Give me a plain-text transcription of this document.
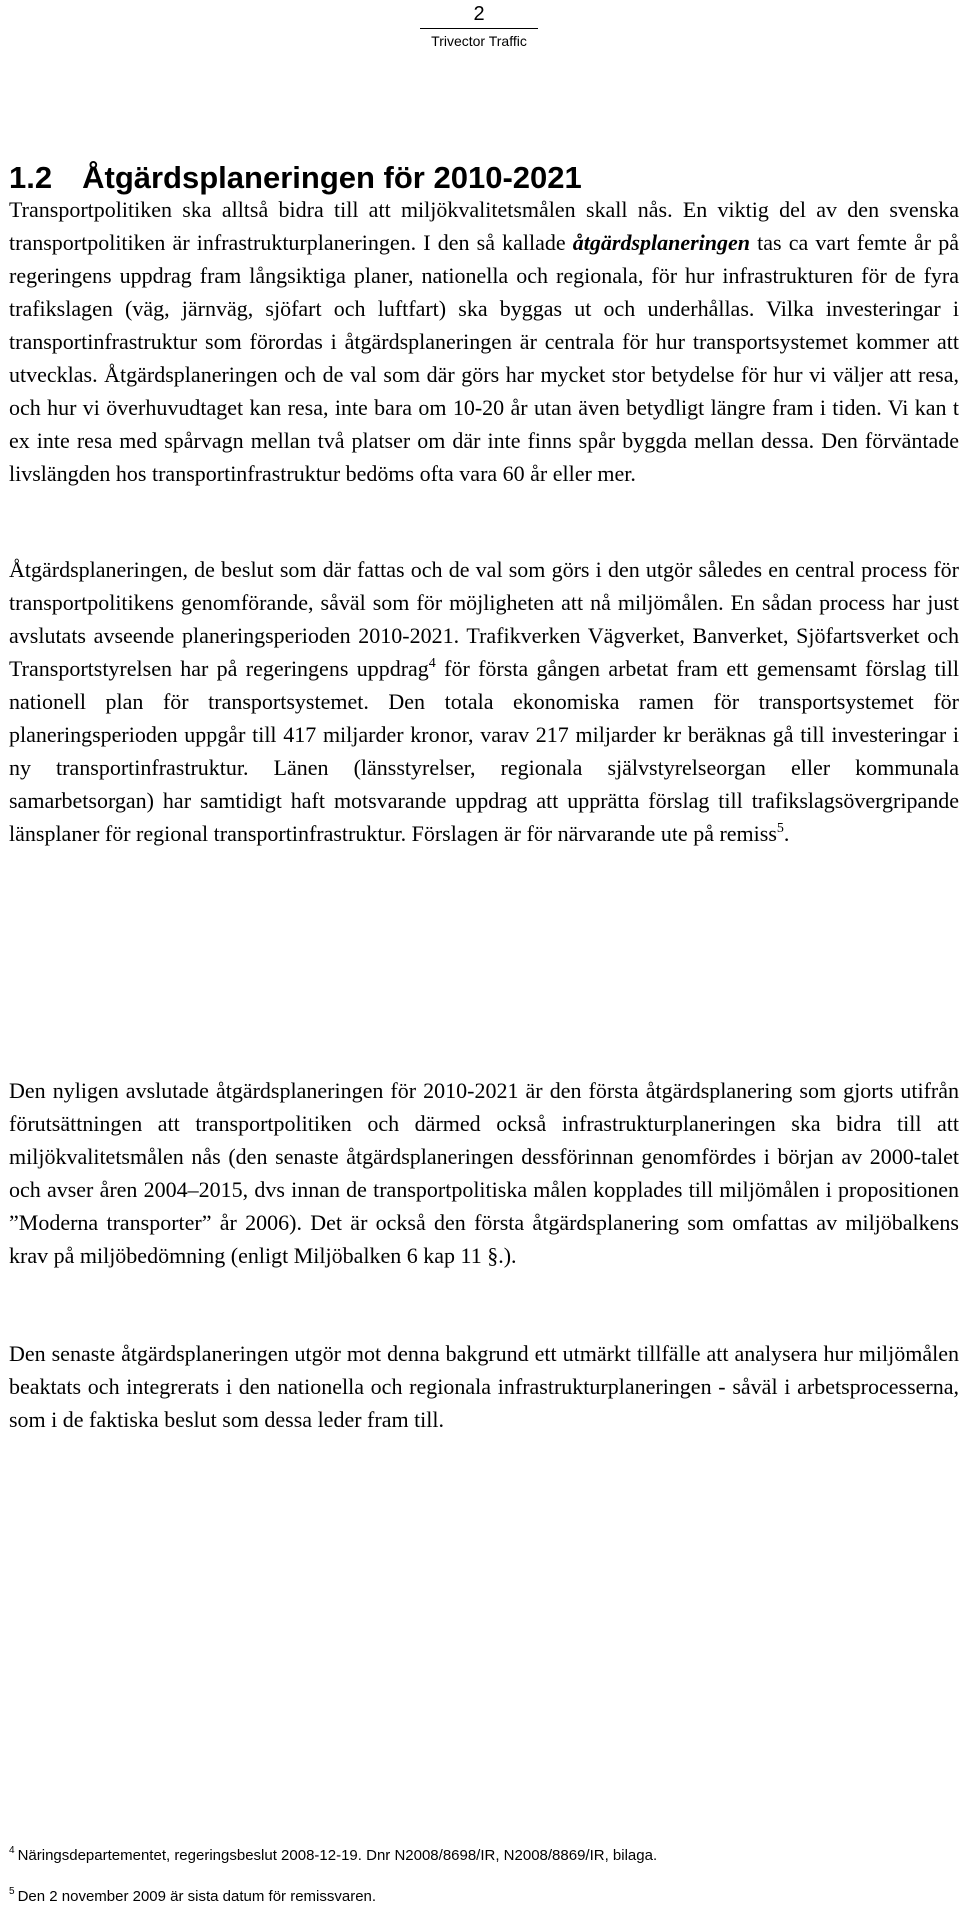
2
Trivector Traffic
1.2 Åtgärdsplaneringen för 2010-2021

Transportpolitiken ska alltså bidra till att miljökvalitetsmålen skall nås. En viktig del av den svenska transportpolitiken är infrastrukturplaneringen. I den så kallade åtgärdsplaneringen tas ca vart femte år på regeringens uppdrag fram långsiktiga planer, nationella och regionala, för hur infrastrukturen för de fyra trafikslagen (väg, järnväg, sjöfart och luftfart) ska byggas ut och underhållas. Vilka investeringar i transportinfrastruktur som förordas i åtgärdsplaneringen är centrala för hur transportsystemet kommer att utvecklas. Åtgärdsplaneringen och de val som där görs har mycket stor betydelse för hur vi väljer att resa, och hur vi överhuvudtaget kan resa, inte bara om 10-20 år utan även betydligt längre fram i tiden. Vi kan t ex inte resa med spårvagn mellan två platser om där inte finns spår byggda mellan dessa. Den förväntade livslängden hos transportinfrastruktur bedöms ofta vara 60 år eller mer.

Åtgärdsplaneringen, de beslut som där fattas och de val som görs i den utgör således en central process för transportpolitikens genomförande, såväl som för möjligheten att nå miljömålen. En sådan process har just avslutats avseende planeringsperioden 2010-2021. Trafikverken Vägverket, Banverket, Sjöfartsverket och Transportstyrelsen har på regeringens uppdrag$^4$ för första gången arbetat fram ett gemensamt förslag till nationell plan för transportsystemet. Den totala ekonomiska ramen för transportsystemet för planeringsperioden uppgår till 417 miljarder kronor, varav 217 miljarder kr beräknas gå till investeringar i ny transportinfrastruktur. Länen (länsstyrelser, regionala självstyrelseorgan eller kommunala samarbetsorgan) har samtidigt haft motsvarande uppdrag att upprätta förslag till trafikslagsövergripande länsplaner för regional transportinfrastruktur. Förslagen är för närvarande ute på remiss$^5$.

Den nyligen avslutade åtgärdsplaneringen för 2010-2021 är den första åtgärdsplanering som gjorts utifrån förutsättningen att transportpolitiken och därmed också infrastrukturplaneringen ska bidra till att miljökvalitetsmålen nås (den senaste åtgärdsplaneringen dessförinnan genomfördes i början av 2000-talet och avser åren 2004–2015, dvs innan de transportpolitiska målen kopplades till miljömålen i propositionen ”Moderna transporter” år 2006). Det är också den första åtgärdsplanering som omfattas av miljöbalkens krav på miljöbedömning (enligt Miljöbalken 6 kap 11 §.).

Den senaste åtgärdsplaneringen utgör mot denna bakgrund ett utmärkt tillfälle att analysera hur miljömålen beaktats och integrerats i den nationella och regionala infrastrukturplaneringen - såväl i arbetsprocesserna, som i de faktiska beslut som dessa leder fram till.

$^4$ Näringsdepartementet, regeringsbeslut 2008-12-19. Dnr N2008/8698/IR, N2008/8869/IR, bilaga.

$^5$ Den 2 november 2009 är sista datum för remissvaren.
